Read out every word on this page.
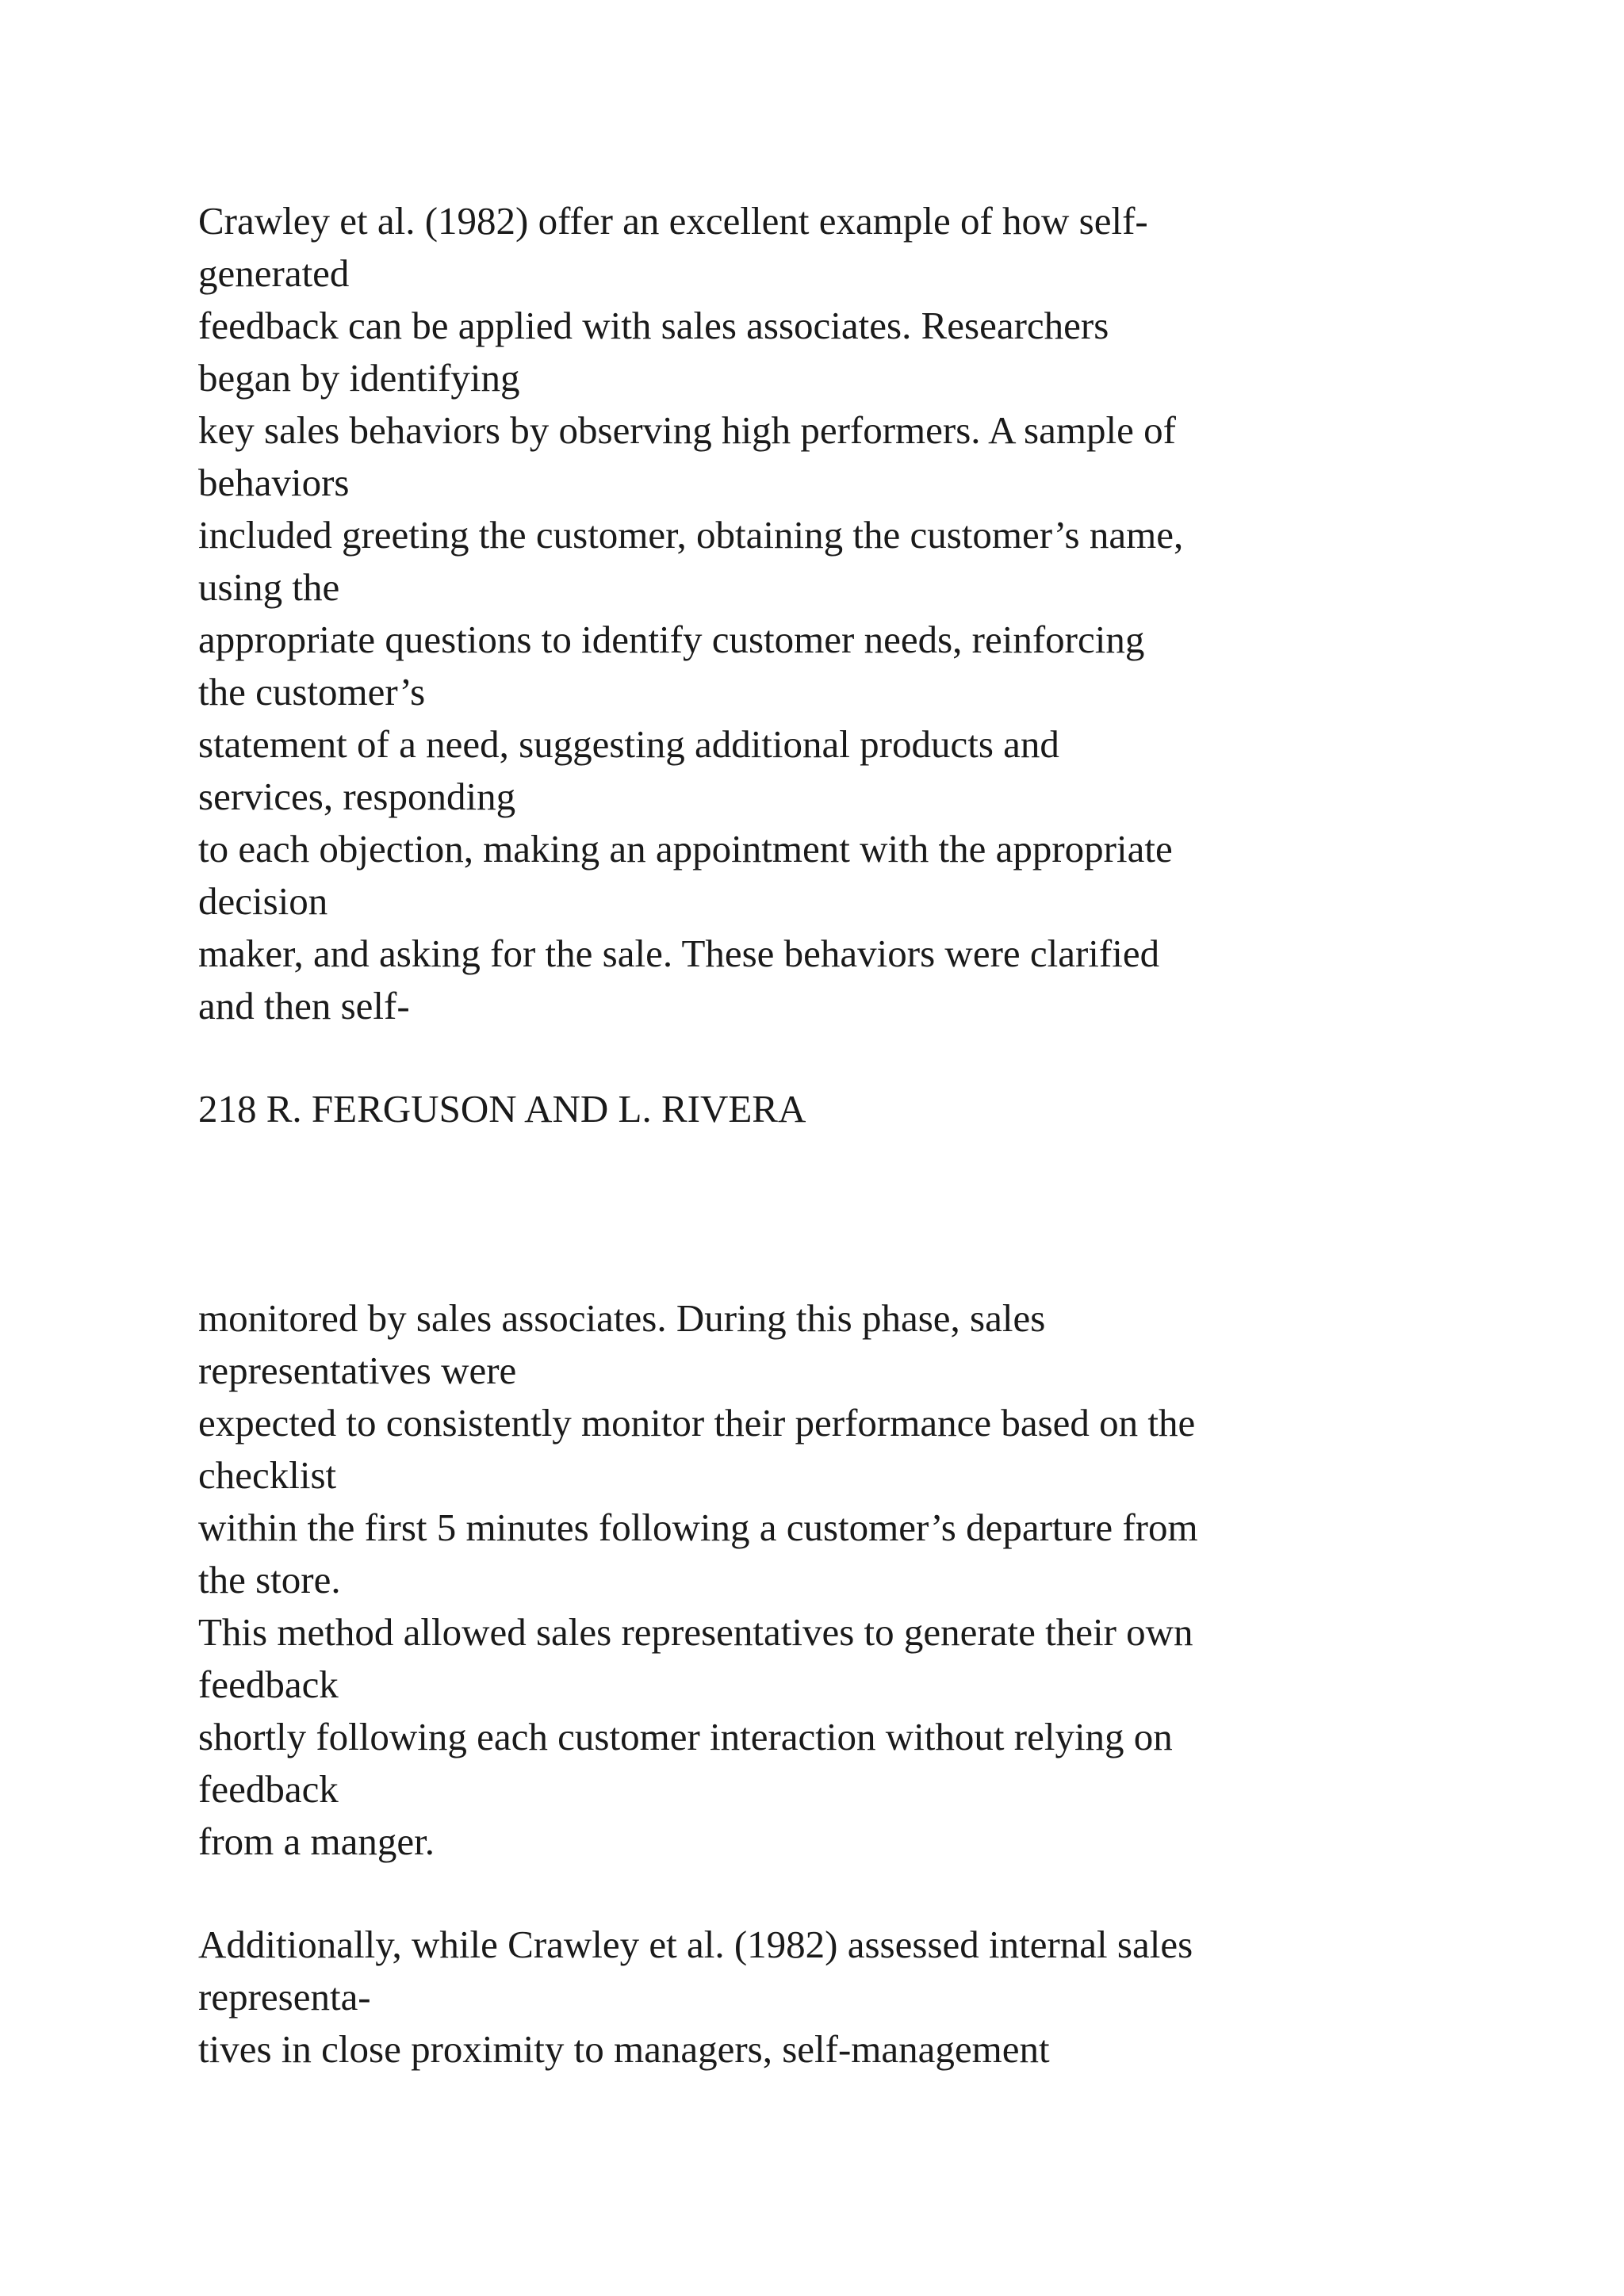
Crawley et al. (1982) offer an excellent example of how self-
generated
feedback can be applied with sales associates. Researchers
began by identifying
key sales behaviors by observing high performers. A sample of
behaviors
included greeting the customer, obtaining the customer’s name,
using the
appropriate questions to identify customer needs, reinforcing
the customer’s
statement of a need, suggesting additional products and
services, responding
to each objection, making an appointment with the appropriate
decision
maker, and asking for the sale. These behaviors were clarified
and then self-
218 R. FERGUSON AND L. RIVERA
monitored by sales associates. During this phase, sales
representatives were
expected to consistently monitor their performance based on the
checklist
within the first 5 minutes following a customer’s departure from
the store.
This method allowed sales representatives to generate their own
feedback
shortly following each customer interaction without relying on
feedback
from a manger.
Additionally, while Crawley et al. (1982) assessed internal sales
representa-
tives in close proximity to managers, self-management
